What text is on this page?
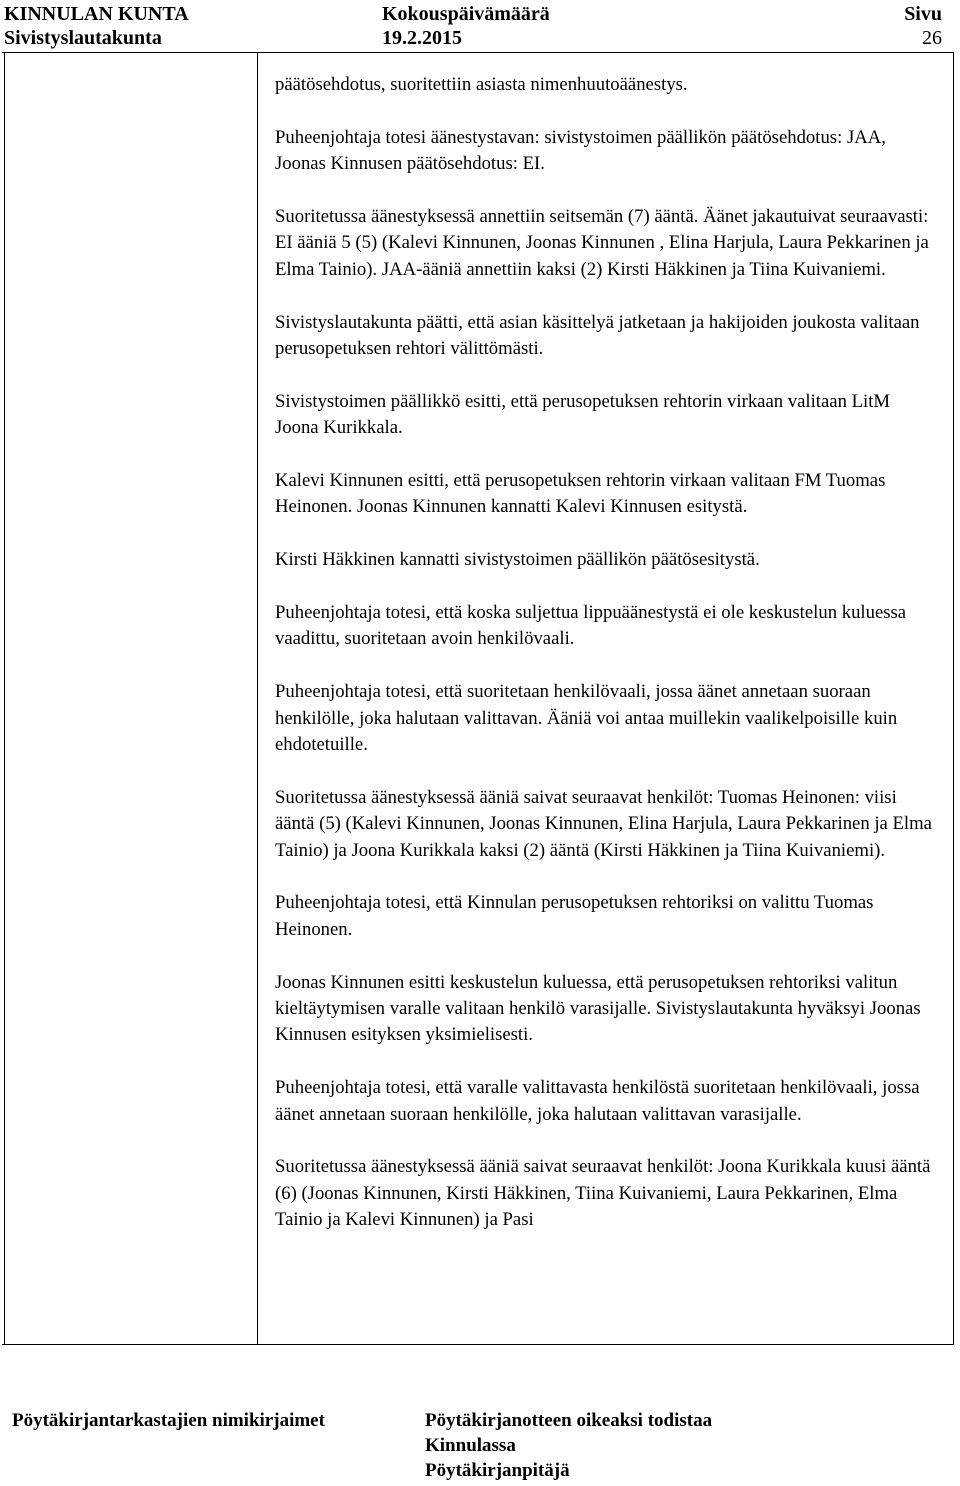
KINNULAN KUNTA
Sivistyslautakunta
Kokouspäivämäärä
19.2.2015
Sivu
26

päätösehdotus, suoritettiin asiasta nimenhuutoäänestys.

Puheenjohtaja totesi äänestystavan: sivistystoimen päällikön päätösehdotus: JAA, Joonas Kinnusen päätösehdotus: EI.

Suoritetussa äänestyksessä annettiin seitsemän (7) ääntä. Äänet jakautuivat seuraavasti: EI ääniä 5 (5) (Kalevi Kinnunen, Joonas Kinnunen , Elina Harjula, Laura Pekkarinen ja Elma Tainio). JAA-ääniä annettiin kaksi (2) Kirsti Häkkinen ja Tiina Kuivaniemi.

Sivistyslautakunta päätti, että asian käsittelyä jatketaan ja hakijoiden joukosta valitaan perusopetuksen rehtori välittömästi.

Sivistystoimen päällikkö esitti, että perusopetuksen rehtorin virkaan valitaan LitM Joona Kurikkala.

Kalevi Kinnunen esitti, että perusopetuksen rehtorin virkaan valitaan FM Tuomas Heinonen. Joonas Kinnunen kannatti Kalevi Kinnusen esitystä.

Kirsti Häkkinen kannatti sivistystoimen päällikön päätösesitystä.

Puheenjohtaja totesi, että koska suljettua lippuäänestystä ei ole keskustelun kuluessa vaadittu, suoritetaan avoin henkilövaali.

Puheenjohtaja totesi, että suoritetaan henkilövaali, jossa äänet annetaan suoraan henkilölle, joka halutaan valittavan. Ääniä voi antaa muillekin vaalikelpoisille kuin ehdotetuille.

Suoritetussa äänestyksessä ääniä saivat seuraavat henkilöt: Tuomas Heinonen: viisi ääntä (5) (Kalevi Kinnunen, Joonas Kinnunen, Elina Harjula, Laura Pekkarinen ja Elma Tainio) ja Joona Kurikkala kaksi (2) ääntä (Kirsti Häkkinen ja Tiina Kuivaniemi).

Puheenjohtaja totesi, että Kinnulan perusopetuksen rehtoriksi on valittu Tuomas Heinonen.

Joonas Kinnunen esitti keskustelun kuluessa, että perusopetuksen rehtoriksi valitun kieltäytymisen varalle valitaan henkilö varasijalle. Sivistyslautakunta hyväksyi Joonas Kinnusen esityksen yksimielisesti.

Puheenjohtaja totesi, että varalle valittavasta henkilöstä suoritetaan henkilövaali, jossa äänet annetaan suoraan henkilölle, joka halutaan valittavan varasijalle.

Suoritetussa äänestyksessä ääniä saivat seuraavat henkilöt: Joona Kurikkala kuusi ääntä (6) (Joonas Kinnunen, Kirsti Häkkinen, Tiina Kuivaniemi, Laura Pekkarinen, Elma Tainio ja Kalevi Kinnunen) ja Pasi

Pöytäkirjantarkastajien nimikirjaimet	Pöytäkirjanotteen oikeaksi todistaa
Kinnulassa
Pöytäkirjanpitäjä
